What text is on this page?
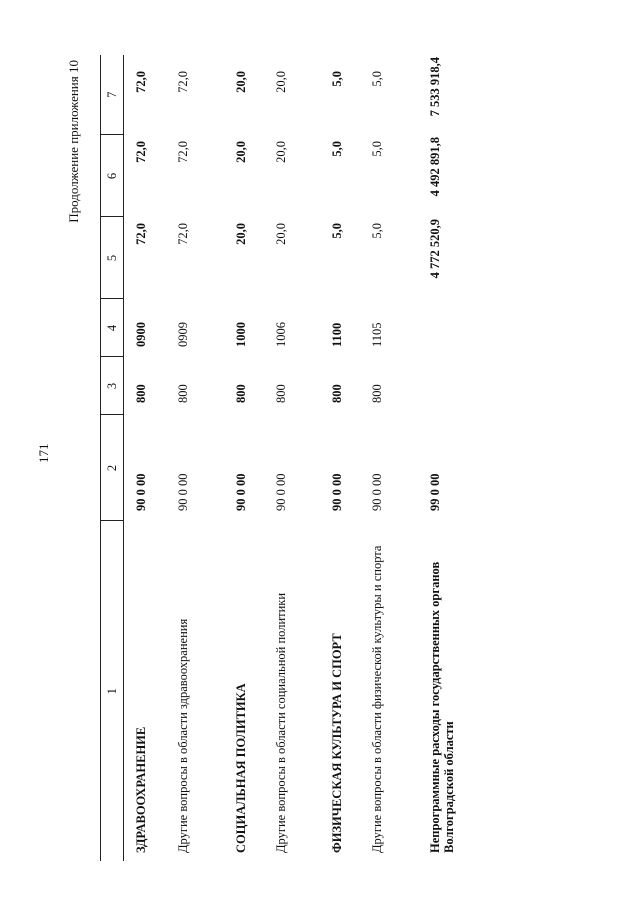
171
Продолжение приложения 10
1	2	3	4	5	6	7
ЗДРАВООХРАНЕНИЕ	90 0 00	800	0900	72,0	72,0	72,0
Другие вопросы в области здравоохранения	90 0 00	800	0909	72,0	72,0	72,0
СОЦИАЛЬНАЯ ПОЛИТИКА	90 0 00	800	1000	20,0	20,0	20,0
Другие вопросы в области социальной политики	90 0 00	800	1006	20,0	20,0	20,0
ФИЗИЧЕСКАЯ КУЛЬТУРА И СПОРТ	90 0 00	800	1100	5,0	5,0	5,0
Другие вопросы в области физической культуры и спорта	90 0 00	800	1105	5,0	5,0	5,0
Непрограммные расходы государственных органов Волгоградской области	99 0 00			4 772 520,9	4 492 891,8	7 533 918,4
